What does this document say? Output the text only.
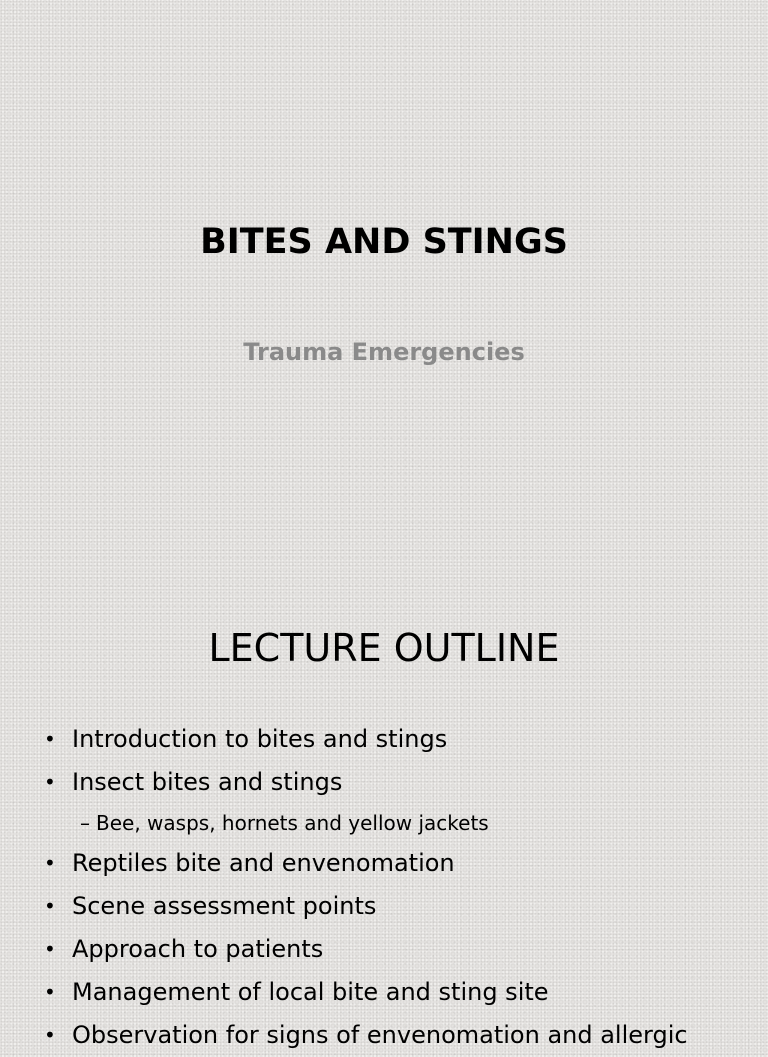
BITES AND STINGS
Trauma Emergencies
LECTURE OUTLINE
• Introduction to bites and stings
• Insect bites and stings
– Bee, wasps, hornets and yellow jackets
• Reptiles bite and envenomation
• Scene assessment points
• Approach to patients
• Management of local bite and sting site
• Observation for signs of envenomation and allergic
